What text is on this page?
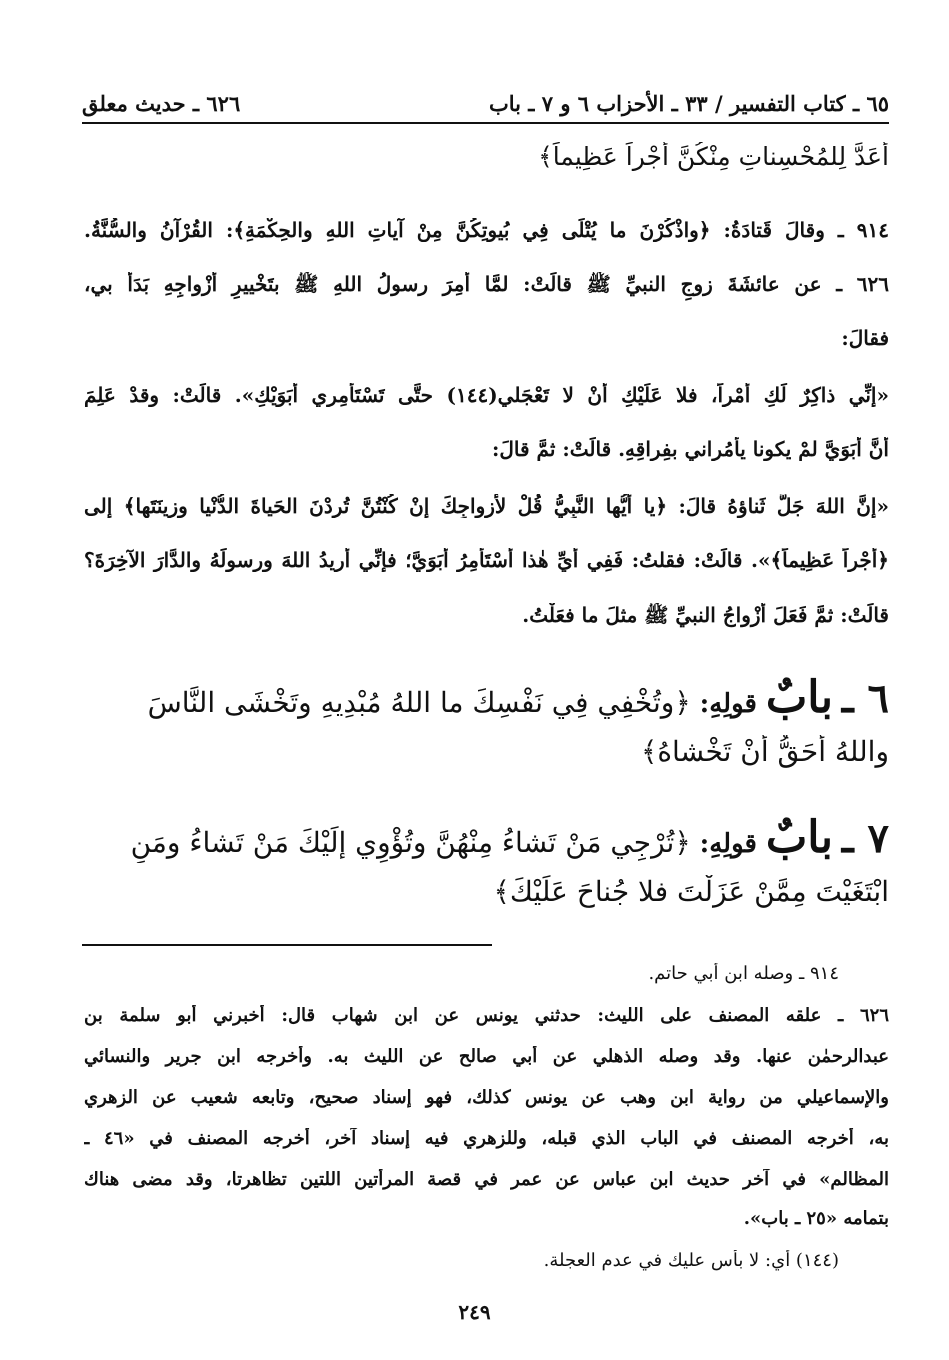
٦٥ ـ كتاب التفسير / ٣٣ ـ الأحزاب ٦ و ٧ ـ باب
٦٢٦ ـ حديث معلق
أَعَدَّ لِلمُحْسِناتِ مِنْكُنَّ أَجْراً عَظِيماً﴾
٩١٤ ـ وقالَ قَتادَةُ: ﴿واذْكُرْنَ ما يُتْلَى فِي بُيوتِكُنَّ مِنْ آياتِ اللهِ والحِكْمَةِ﴾: القُرْآنُ والسُّنَّةُ.
٦٢٦ ـ عن عائشَةَ زوجِ النبيِّ ﷺ قالَتْ: لمَّا أُمِرَ رسولُ اللهِ ﷺ بتَخْييرِ أزْواجِهِ بَدَأَ بي،
فقالَ:
«إنِّي ذاكِرٌ لَكِ أمْراً، فلا عَلَيْكِ أنْ لا تَعْجَلي(١٤٤) حتَّى تَسْتَأْمِري أبَوَيْكِ». قالَتْ: وقدْ عَلِمَ
أنَّ أبَوَيَّ لمْ يكونا يأمُراني بفِراقِهِ. قالَتْ: ثمَّ قالَ:
«إنَّ اللهَ جَلَّ ثَناؤهُ قالَ: ﴿يا أيُّها النَّبِيُّ قُلْ لأزواجِكَ إنْ كُنْتُنَّ تُرِدْنَ الحَياةَ الدُّنْيا وزِينَتَها﴾ إلى
﴿أجْراً عَظِيماً﴾». قالَتْ: فقلتُ: فَفِي أيِّ هٰذا أسْتَأمِرُ أبَوَيَّ؛ فإنِّي أريدُ اللهَ ورسولَهُ والدَّارَ الآخِرَةَ؟
قالَتْ: ثمَّ فَعَلَ أزْواجُ النبيِّ ﷺ مثلَ ما فعَلْتُ.
٦ ـ بابٌ قولِهِ: ﴿وتُخْفِي فِي نَفْسِكَ ما اللهُ مُبْدِيهِ وتَخْشَى النَّاسَ
واللهُ أحَقُّ أنْ تَخْشاهُ﴾
٧ ـ بابٌ قولِهِ: ﴿تُرْجِي مَنْ تَشاءُ مِنْهُنَّ وتُؤْوِي إلَيْكَ مَنْ تَشاءُ ومَنِ
ابْتَغَيْتَ مِمَّنْ عَزَلْتَ فلا جُناحَ عَلَيْكَ﴾
٩١٤ ـ وصله ابن أبي حاتم.
٦٢٦ ـ علقه المصنف على الليث: حدثني يونس عن ابن شهاب قال: أخبرني أبو سلمة بن
عبدالرحمٰن عنها. وقد وصله الذهلي عن أبي صالح عن الليث به. وأخرجه ابن جرير والنسائي
والإسماعيلي من رواية ابن وهب عن يونس كذلك، فهو إسناد صحيح، وتابعه شعيب عن الزهري
به، أخرجه المصنف في الباب الذي قبله، وللزهري فيه إسناد آخر، أخرجه المصنف في «٤٦ ـ
المظالم» في آخر حديث ابن عباس عن عمر في قصة المرأتين اللتين تظاهرتا، وقد مضى هناك
بتمامه «٢٥ ـ باب».
(١٤٤) أي: لا بأس عليك في عدم العجلة.
٢٤٩
